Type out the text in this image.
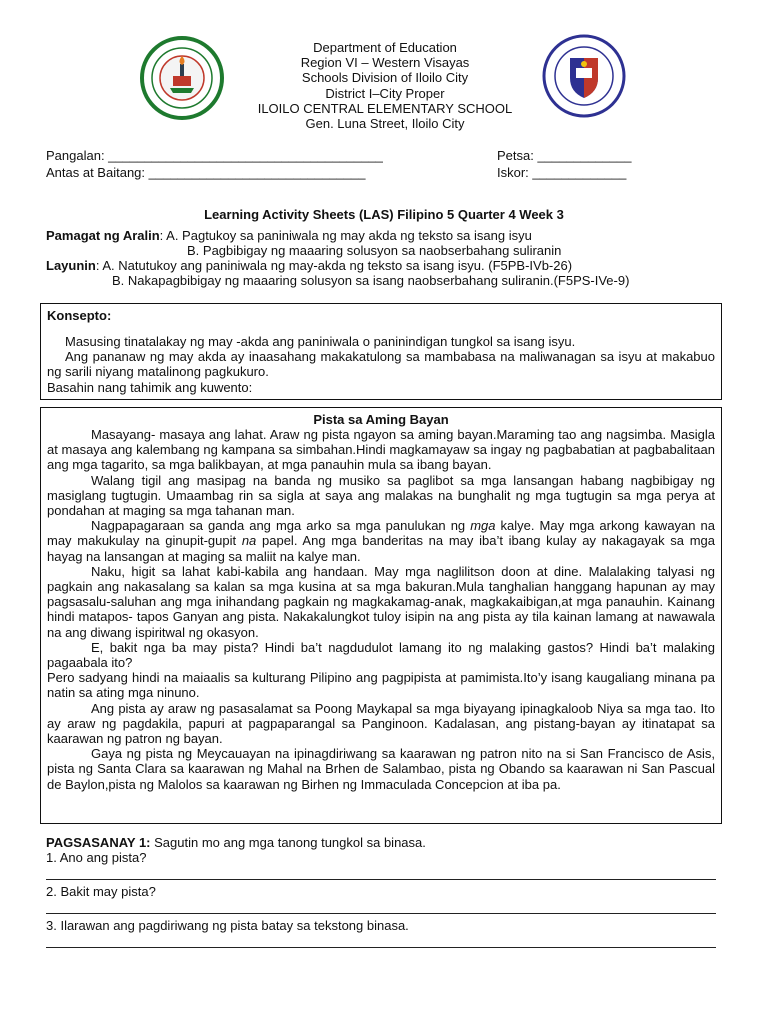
Department of Education
Region VI – Western Visayas
Schools Division of Iloilo City
District I–City Proper
ILOILO CENTRAL ELEMENTARY SCHOOL
Gen. Luna Street, Iloilo City
Pangalan: ______________________________________
Antas at Baitang: ______________________________
Petsa: _____________
Iskor: _____________
Learning Activity Sheets (LAS) Filipino 5 Quarter 4 Week 3
Pamagat ng Aralin: A. Pagtukoy sa paniniwala ng may akda ng teksto sa isang isyu
B. Pagbibigay ng maaaring solusyon sa naobserbahang suliranin
Layunin: A. Natutukoy ang paniniwala ng may-akda ng teksto sa isang isyu. (F5PB-IVb-26)
B. Nakapagbibigay ng maaaring solusyon sa isang naobserbahang suliranin.(F5PS-IVe-9)
Konsepto:
Masusing tinatalakay ng may -akda ang paniniwala o paninindigan tungkol sa isang isyu.
Ang pananaw ng may akda ay inaasahang makakatulong sa mambabasa na maliwanagan sa isyu at makabuo ng sarili niyang matalinong pagkukuro.
Basahin nang tahimik ang kuwento:
Pista sa Aming Bayan
Masayang- masaya ang lahat. Araw ng pista ngayon sa aming bayan.Maraming tao ang nagsimba. Masigla at masaya ang kalembang ng kampana sa simbahan.Hindi magkamayaw sa ingay ng pagbabatian at pagbabalitaan ang mga tagarito, sa mga balikbayan, at mga panauhin mula sa ibang bayan.
Walang tigil ang masipag na banda ng musiko sa paglibot sa mga lansangan habang nagbibigay ng masiglang tugtugin. Umaambag rin sa sigla at saya ang malakas na bunghalit ng mga tugtugin sa mga perya at pondahan at maging sa mga tahanan man.
Nagpapagaraan sa ganda ang mga arko sa mga panulukan ng mga kalye. May mga arkong kawayan na may makukulay na ginupit-gupit na papel. Ang mga banderitas na may iba’t ibang kulay ay nakagayak sa mga hayag na lansangan at maging sa maliit na kalye man.
Naku, higit sa lahat kabi-kabila ang handaan. May mga naglilitson doon at dine. Malalaking talyasi ng pagkain ang nakasalang sa kalan sa mga kusina at sa mga bakuran.Mula tanghalian hanggang hapunan ay may pagsasalu-saluhan ang mga inihandang pagkain ng magkakamag-anak, magkakaibigan,at mga panauhin. Kainang hindi matapos- tapos Ganyan ang pista. Nakakalungkot tuloy isipin na ang pista ay tila kainan lamang at nawawala na ang diwang ispiritwal ng okasyon.
E, bakit nga ba may pista? Hindi ba’t nagdudulot lamang ito ng malaking gastos? Hindi ba’t malaking pagaabala ito?
Pero sadyang hindi na maiaalis sa kulturang Pilipino ang pagpipista at pamimista.Ito’y isang kaugaliang minana pa natin sa ating mga ninuno.
Ang pista ay araw ng pasasalamat sa Poong Maykapal sa mga biyayang ipinagkaloob Niya sa mga tao. Ito ay araw ng pagdakila, papuri at pagpaparangal sa Panginoon. Kadalasan, ang pistang-bayan ay itinatapat sa kaarawan ng patron ng bayan.
Gaya ng pista ng Meycauayan na ipinagdiriwang sa kaarawan ng patron nito na si San Francisco de Asis, pista ng Santa Clara sa kaarawan ng Mahal na Brhen de Salambao, pista ng Obando sa kaarawan ni San Pascual de Baylon,pista ng Malolos sa kaarawan ng Birhen ng Immaculada Concepcion at iba pa.
PAGSASANAY 1: Sagutin mo ang mga tanong tungkol sa binasa.
1. Ano ang pista?
2. Bakit may pista?
3. Ilarawan ang pagdiriwang ng pista batay sa tekstong binasa.
